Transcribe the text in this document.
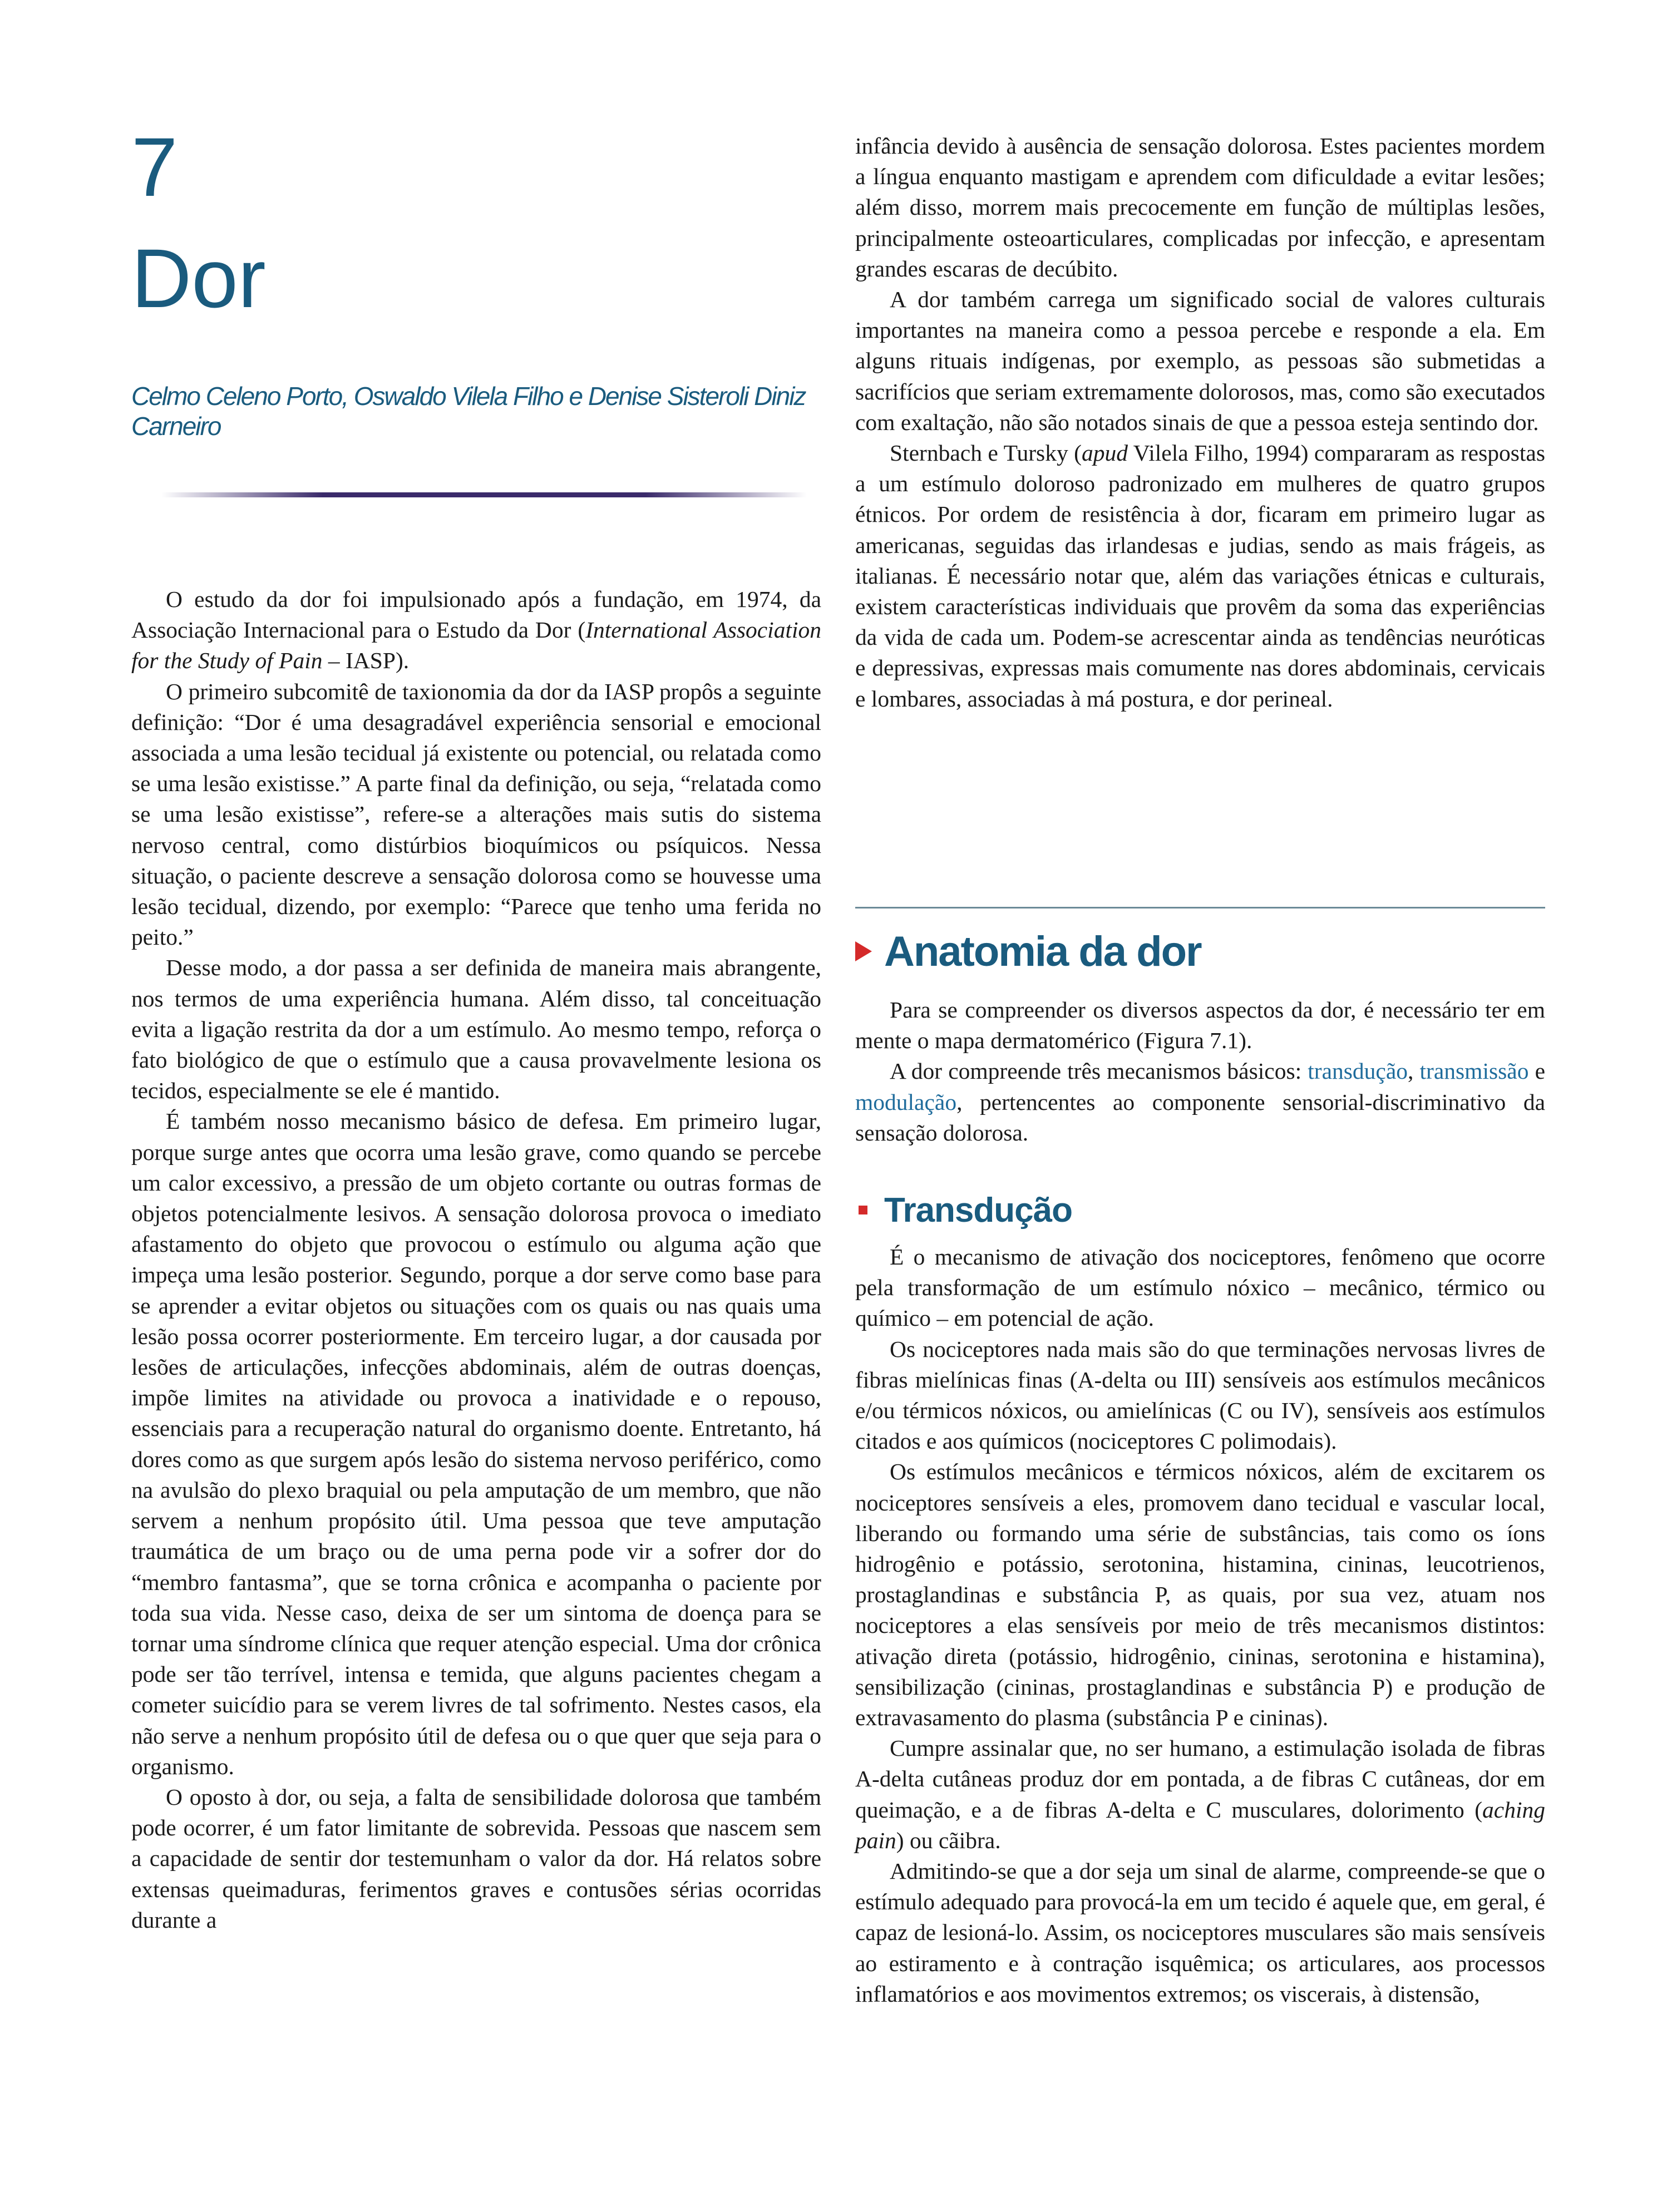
7
Dor
Celmo Celeno Porto, Oswaldo Vilela Filho e Denise Sisteroli Diniz Carneiro

O estudo da dor foi impulsionado após a fundação, em 1974, da Associação Internacional para o Estudo da Dor (International Association for the Study of Pain – IASP).

O primeiro subcomitê de taxionomia da dor da IASP propôs a seguinte definição: “Dor é uma desagradável experiência sensorial e emocional associada a uma lesão tecidual já existente ou potencial, ou relatada como se uma lesão existisse.” A parte final da definição, ou seja, “relatada como se uma lesão existisse”, refere-se a alterações mais sutis do sistema nervoso central, como distúrbios bioquímicos ou psíquicos. Nessa situação, o paciente descreve a sensação dolorosa como se houvesse uma lesão tecidual, dizendo, por exemplo: “Parece que tenho uma ferida no peito.”

Desse modo, a dor passa a ser definida de maneira mais abrangente, nos termos de uma experiência humana. Além disso, tal conceituação evita a ligação restrita da dor a um estímulo. Ao mesmo tempo, reforça o fato biológico de que o estímulo que a causa provavelmente lesiona os tecidos, especialmente se ele é mantido.

É também nosso mecanismo básico de defesa. Em primeiro lugar, porque surge antes que ocorra uma lesão grave, como quando se percebe um calor excessivo, a pressão de um objeto cortante ou outras formas de objetos potencialmente lesivos. A sensação dolorosa provoca o imediato afastamento do objeto que provocou o estímulo ou alguma ação que impeça uma lesão posterior. Segundo, porque a dor serve como base para se aprender a evitar objetos ou situações com os quais ou nas quais uma lesão possa ocorrer posteriormente. Em terceiro lugar, a dor causada por lesões de articulações, infecções abdominais, além de outras doenças, impõe limites na atividade ou provoca a inatividade e o repouso, essenciais para a recuperação natural do organismo doente. Entretanto, há dores como as que surgem após lesão do sistema nervoso periférico, como na avulsão do plexo braquial ou pela amputação de um membro, que não servem a nenhum propósito útil. Uma pessoa que teve amputação traumática de um braço ou de uma perna pode vir a sofrer dor do “membro fantasma”, que se torna crônica e acompanha o paciente por toda sua vida. Nesse caso, deixa de ser um sintoma de doença para se tornar uma síndrome clínica que requer atenção especial. Uma dor crônica pode ser tão terrível, intensa e temida, que alguns pacientes chegam a cometer suicídio para se verem livres de tal sofrimento. Nestes casos, ela não serve a nenhum propósito útil de defesa ou o que quer que seja para o organismo.

O oposto à dor, ou seja, a falta de sensibilidade dolorosa que também pode ocorrer, é um fator limitante de sobrevida. Pessoas que nascem sem a capacidade de sentir dor testemunham o valor da dor. Há relatos sobre extensas queimaduras, ferimentos graves e contusões sérias ocorridas durante a

infância devido à ausência de sensação dolorosa. Estes pacientes mordem a língua enquanto mastigam e aprendem com dificuldade a evitar lesões; além disso, morrem mais precocemente em função de múltiplas lesões, principalmente osteoarticulares, complicadas por infecção, e apresentam grandes escaras de decúbito.

A dor também carrega um significado social de valores culturais importantes na maneira como a pessoa percebe e responde a ela. Em alguns rituais indígenas, por exemplo, as pessoas são submetidas a sacrifícios que seriam extremamente dolorosos, mas, como são executados com exaltação, não são notados sinais de que a pessoa esteja sentindo dor.

Sternbach e Tursky (apud Vilela Filho, 1994) compararam as respostas a um estímulo doloroso padronizado em mulheres de quatro grupos étnicos. Por ordem de resistência à dor, ficaram em primeiro lugar as americanas, seguidas das irlandesas e judias, sendo as mais frágeis, as italianas. É necessário notar que, além das variações étnicas e culturais, existem características individuais que provêm da soma das experiências da vida de cada um. Podem-se acrescentar ainda as tendências neuróticas e depressivas, expressas mais comumente nas dores abdominais, cervicais e lombares, associadas à má postura, e dor perineal.

Anatomia da dor

Para se compreender os diversos aspectos da dor, é necessário ter em mente o mapa dermatomérico (Figura 7.1).

A dor compreende três mecanismos básicos: transdução, transmissão e modulação, pertencentes ao componente sensorial-discriminativo da sensação dolorosa.

Transdução

É o mecanismo de ativação dos nociceptores, fenômeno que ocorre pela transformação de um estímulo nóxico – mecânico, térmico ou químico – em potencial de ação.

Os nociceptores nada mais são do que terminações nervosas livres de fibras mielínicas finas (A-delta ou III) sensíveis aos estímulos mecânicos e/ou térmicos nóxicos, ou amielínicas (C ou IV), sensíveis aos estímulos citados e aos químicos (nociceptores C polimodais).

Os estímulos mecânicos e térmicos nóxicos, além de excitarem os nociceptores sensíveis a eles, promovem dano tecidual e vascular local, liberando ou formando uma série de substâncias, tais como os íons hidrogênio e potássio, serotonina, histamina, cininas, leucotrienos, prostaglandinas e substância P, as quais, por sua vez, atuam nos nociceptores a elas sensíveis por meio de três mecanismos distintos: ativação direta (potássio, hidrogênio, cininas, serotonina e histamina), sensibilização (cininas, prostaglandinas e substância P) e produção de extravasamento do plasma (substância P e cininas).

Cumpre assinalar que, no ser humano, a estimulação isolada de fibras A-delta cutâneas produz dor em pontada, a de fibras C cutâneas, dor em queimação, e a de fibras A-delta e C musculares, dolorimento (aching pain) ou cãibra.

Admitindo-se que a dor seja um sinal de alarme, compreende-se que o estímulo adequado para provocá-la em um tecido é aquele que, em geral, é capaz de lesioná-lo. Assim, os nociceptores musculares são mais sensíveis ao estiramento e à contração isquêmica; os articulares, aos processos inflamatórios e aos movimentos extremos; os viscerais, à distensão,
